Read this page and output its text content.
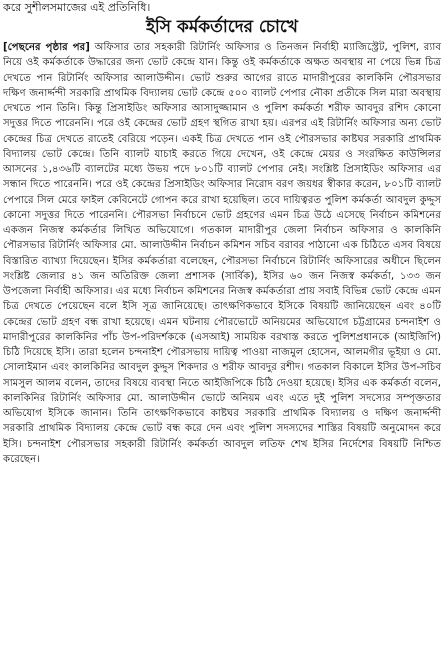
করে সুশীলসমাজের এই প্রতিনিধি।
ইসি কর্মকর্তাদের চোখে
[পেছনের পৃষ্ঠার পর] অফিসার তার সহকারী রিটার্নিং অফিসার ও তিনজন নির্বাহী ম্যাজিস্ট্রেট, পুলিশ, র‌্যাব নিয়ে ওই কর্মকর্তাকে উদ্ধারের জন্য ভোট কেন্দ্রে যান। কিন্তু ওই কর্মকর্তাকে অক্ষত অবস্থায় না পেয়ে ভিন্ন চিত্র দেখতে পান রিটার্নিং অফিসার আলাউদ্দীন। ভোট শুরুর আগের রাতে মাদারীপুরের কালকিনি পৌরসভার দক্ষিণ জনার্দ্দন্দী সরকারি প্রাথমিক বিদ্যালয় ভোট কেন্দ্রে ৫০০ ব্যালট পেপার নৌকা প্রতীকে সিল মারা অবস্থায় দেখতে পান তিনি। কিন্তু প্রিসাইডিং অফিসার আসাদুজ্জামান ও পুলিশ কর্মকর্তা শরীফ আবদুর রশিদ কোনো সদুত্তর দিতে পারেননি। পরে ওই কেন্দ্রের ভোট গ্রহণ স্থগিত রাখা হয়। এরপর এই রিটার্নিং অফিসার অন্য ভোট কেন্দ্রের চিত্র দেখতে রাতেই বেরিয়ে পড়েন। একই চিত্র দেখতে পান ওই পৌরসভার কাষ্টঘর সরকারি প্রাথমিক বিদ্যালয় ভোট কেন্দ্রে। তিনি ব্যালট যাচাই করতে গিয়ে দেখেন, ওই কেন্দ্রে মেয়র ও সংরক্ষিত কাউন্সিলর আসনের ১,৪৩৬টি ব্যালটের মধ্যে উভয় পদে ৮০১টি ব্যালট পেপার নেই। সংশ্লিষ্ট প্রিসাইডিং অফিসার এর সন্ধান দিতে পারেননি। পরে ওই কেন্দ্রের প্রিসাইডিং অফিসার নিরোদ বরণ জয়ধর স্বীকার করেন, ৮০১টি ব্যালট পেপারে সিল মেরে ফাইল কেবিনেটে গোপন করে রাখা হয়েছিল। তবে দায়িত্বরত পুলিশ কর্মকর্তা আবদুল কুদ্দুস কোনো সদুত্তর দিতে পারেননি। পৌরসভা নির্বাচনে ভোট গ্রহণের এমন চিত্র উঠে এসেছে নির্বাচন কমিশনের একজন নিজস্ব কর্মকর্তার লিখিত অভিযোগে। গতকাল মাদারীপুর জেলা নির্বাচন অফিসার ও কালকিনি পৌরসভার রিটার্নিং অফিসার মো. আলাউদ্দীন নির্বাচন কমিশন সচিব বরাবর পাঠানো এক চিঠিতে এসব বিষয়ে বিস্তারিত ব্যাখ্যা দিয়েছেন। ইসির কর্মকর্তারা বলেছেন, পৌরসভা নির্বাচনে রিটার্নিং অফিসারের অধীনে ছিলেন সংশ্লিষ্ট জেলার ৪১ জন অতিরিক্ত জেলা প্রশাসক (সার্বিক), ইসির ৬০ জন নিজস্ব কর্মকর্তা, ১৩৩ জন উপজেলা নির্বাহী অফিসার। এর মধ্যে নির্বাচন কমিশনের নিজস্ব কর্মকর্তারা প্রায় সবাই বিভিন্ন ভোট কেন্দ্রে এমন চিত্র দেখতে পেয়েছেন বলে ইসি সূত্র জানিয়েছে। তাৎক্ষণিকভাবে ইসিকে বিষয়টি জানিয়েছেন এবং ৪০টি কেন্দ্রের ভোট গ্রহণ বন্ধ রাখা হয়েছে। এমন ঘটনায় পৌরভোটে অনিয়মের অভিযোগে চট্টগ্রামের চন্দনাইশ ও মাদারীপুরের কালকিনির পাঁচ উপ-পরিদর্শককে (এসআই) সাময়িক বরখাস্ত করতে পুলিশপ্রধানকে (আইজিপি) চিঠি দিয়েছে ইসি। তারা হলেন চন্দনাইশ পৌরসভায় দায়িত্ব পাওয়া নাজমুল হোসেন, আলমগীর ভূইয়া ও মো. সোলাইমান এবং কালকিনির আবদুল কুদ্দুস শিকদার ও শরীফ আবদুর রশীদ। গতকাল বিকালে ইসির উপ-সচিব সামসুল আলম বলেন, তাদের বিষয়ে ব্যবস্থা নিতে আইজিপিকে চিঠি দেওয়া হয়েছে। ইসির এক কর্মকর্তা বলেন, কালকিনির রিটার্নিং অফিসার মো. আলাউদ্দীন ভোটে অনিয়ম এবং এতে দুই পুলিশ সদস্যের সম্পৃক্ততার অভিযোগ ইসিকে জানান। তিনি তাৎক্ষণিকভাবে কাষ্টঘর সরকারি প্রাথমিক বিদ্যালয় ও দক্ষিণ জনার্দ্দন্দী সরকারি প্রাথমিক বিদ্যালয় কেন্দ্রে ভোট বন্ধ করে দেন এবং পুলিশ সদস্যদের শাস্তির বিষয়টি অনুমোদন করে ইসি। চন্দনাইশ পৌরসভার সহকারী রিটার্নিং কর্মকর্তা আবদুল লতিফ শেখ ইসির নির্দেশের বিষয়টি নিশ্চিত করেছেন।
